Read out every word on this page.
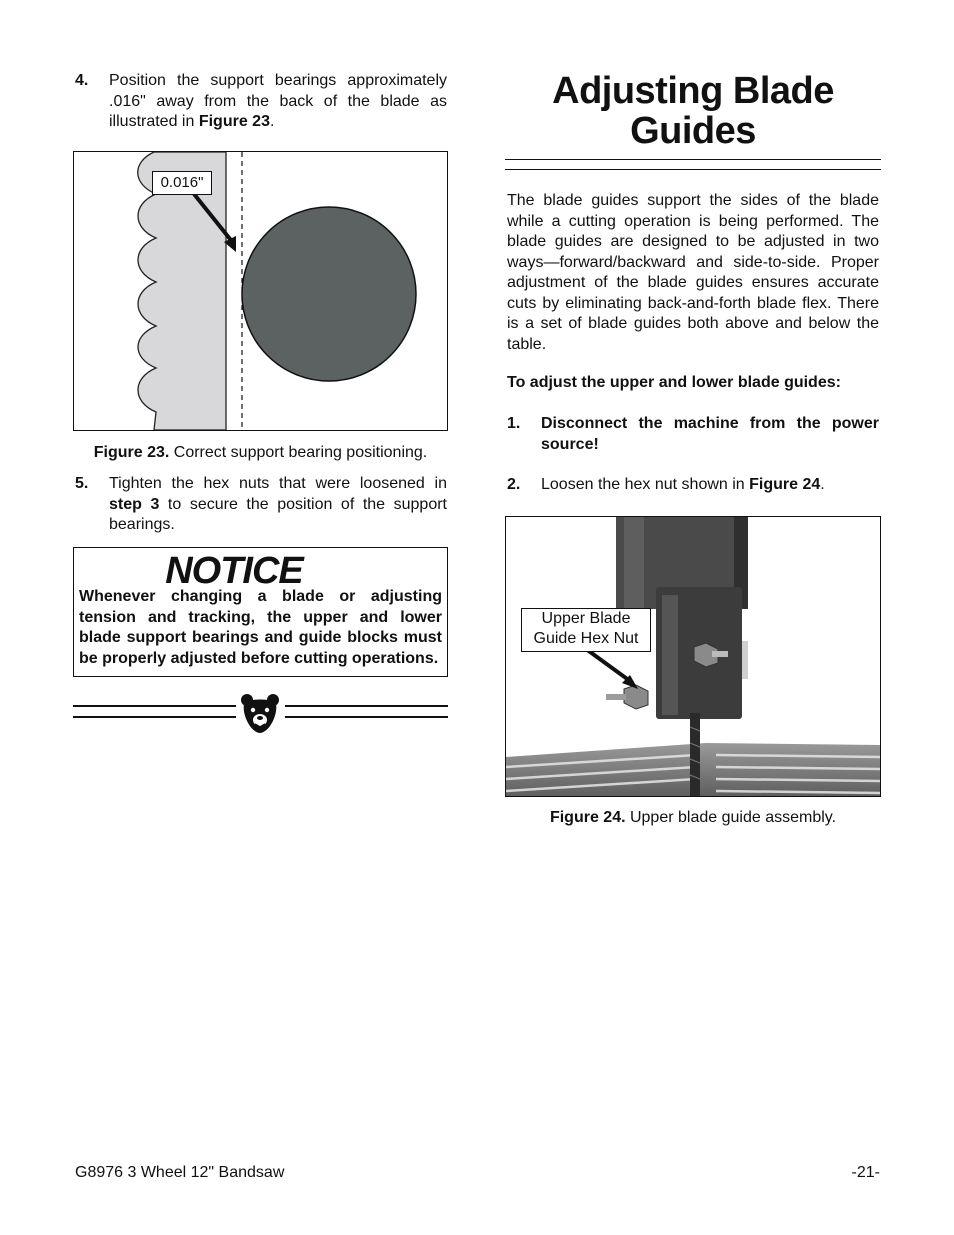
4. Position the support bearings approximately .016" away from the back of the blade as illustrated in Figure 23.
0.016"
Figure 23. Correct support bearing positioning.
5. Tighten the hex nuts that were loosened in step 3 to secure the position of the support bearings.
NOTICE
Whenever changing a blade or adjusting tension and tracking, the upper and lower blade support bearings and guide blocks must be properly adjusted before cutting operations.
Adjusting Blade
Guides
The blade guides support the sides of the blade while a cutting operation is being performed. The blade guides are designed to be adjusted in two ways—forward/backward and side-to-side. Proper adjustment of the blade guides ensures accurate cuts by eliminating back-and-forth blade flex. There is a set of blade guides both above and below the table.
To adjust the upper and lower blade guides:
1. Disconnect the machine from the power source!
2. Loosen the hex nut shown in Figure 24.
Upper Blade
Guide Hex Nut
Figure 24. Upper blade guide assembly.
G8976 3 Wheel 12" Bandsaw	-21-
